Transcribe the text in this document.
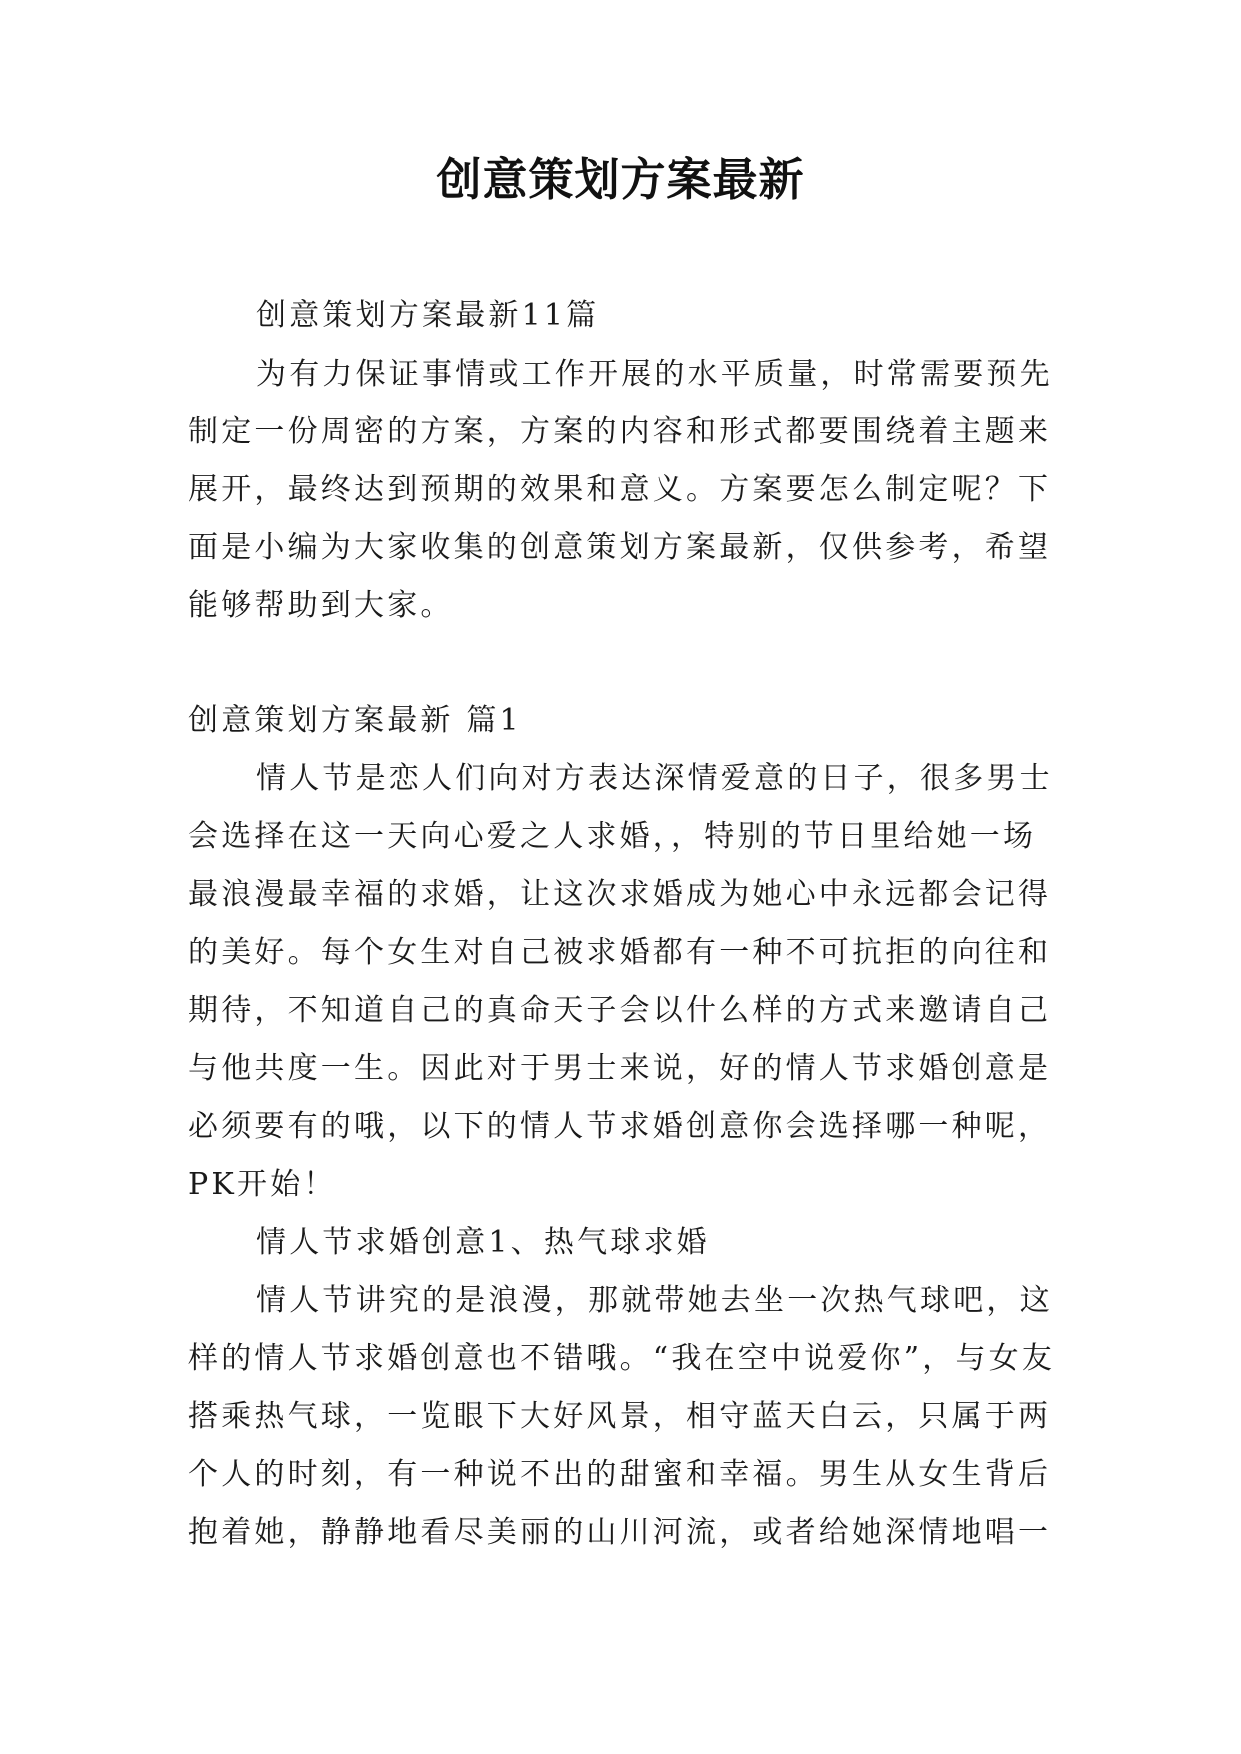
创意策划方案最新
创意策划方案最新11篇
为有力保证事情或工作开展的水平质量，时常需要预先
制定一份周密的方案，方案的内容和形式都要围绕着主题来
展开，最终达到预期的效果和意义。方案要怎么制定呢？下
面是小编为大家收集的创意策划方案最新，仅供参考，希望
能够帮助到大家。
创意策划方案最新 篇1
情人节是恋人们向对方表达深情爱意的日子，很多男士
会选择在这一天向心爱之人求婚，，特别的节日里给她一场
最浪漫最幸福的求婚，让这次求婚成为她心中永远都会记得
的美好。每个女生对自己被求婚都有一种不可抗拒的向往和
期待，不知道自己的真命天子会以什么样的方式来邀请自己
与他共度一生。因此对于男士来说，好的情人节求婚创意是
必须要有的哦，以下的情人节求婚创意你会选择哪一种呢，
PK开始！
情人节求婚创意1、热气球求婚
情人节讲究的是浪漫，那就带她去坐一次热气球吧，这
样的情人节求婚创意也不错哦。“我在空中说爱你”，与女友
搭乘热气球，一览眼下大好风景，相守蓝天白云，只属于两
个人的时刻，有一种说不出的甜蜜和幸福。男生从女生背后
抱着她，静静地看尽美丽的山川河流，或者给她深情地唱一
